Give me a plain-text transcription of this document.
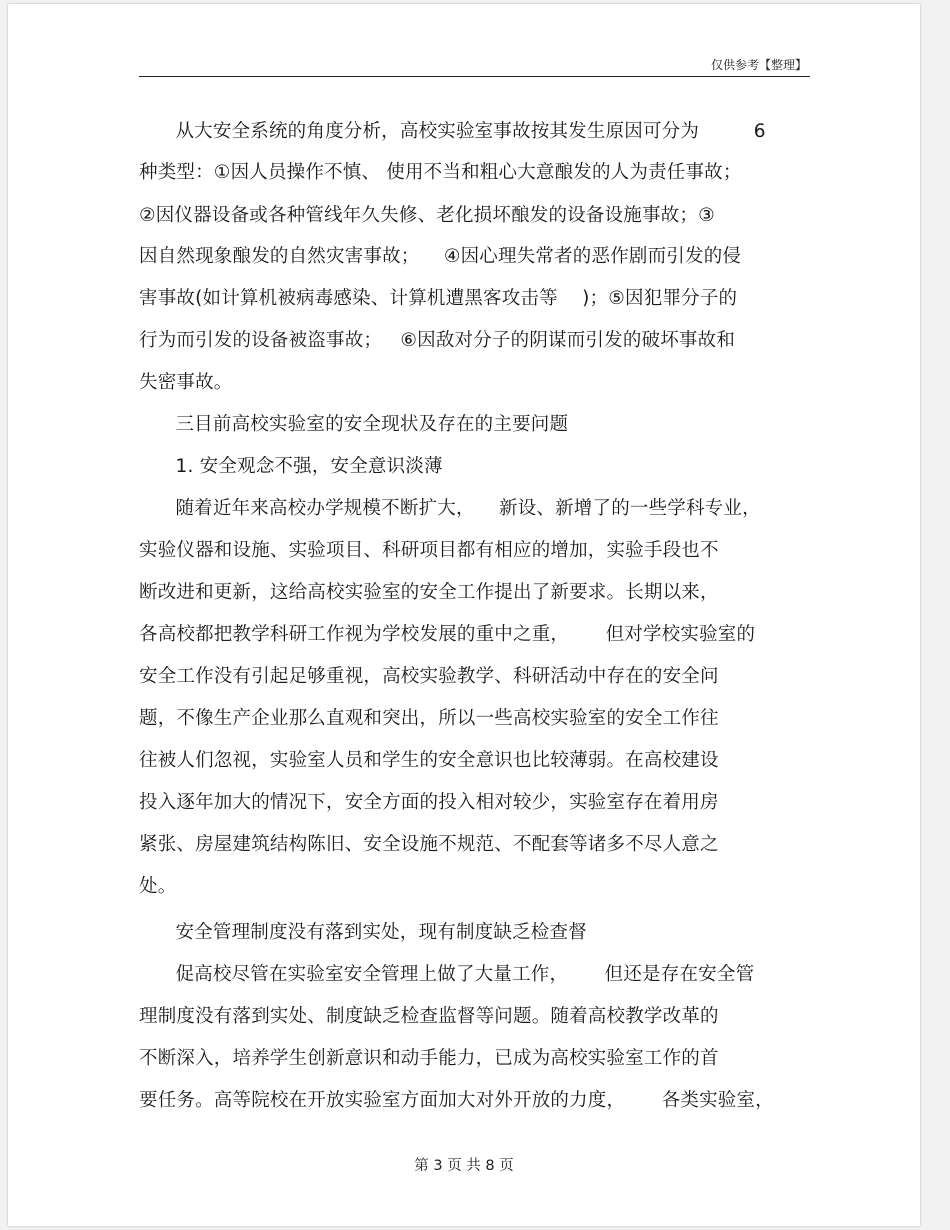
仅供参考【整理】
从大安全系统的角度分析，高校实验室事故按其发生原因可分为         6
种类型：①因人员操作不慎、 使用不当和粗心大意酿发的人为责任事故；
②因仪器设备或各种管线年久失修、老化损坏酿发的设备设施事故；③
因自然现象酿发的自然灾害事故；    ④因心理失常者的恶作剧而引发的侵
害事故(如计算机被病毒感染、计算机遭黑客攻击等    )；⑤因犯罪分子的
行为而引发的设备被盗事故；   ⑥因敌对分子的阴谋而引发的破坏事故和
失密事故。
三目前高校实验室的安全现状及存在的主要问题
1. 安全观念不强，安全意识淡薄
随着近年来高校办学规模不断扩大，    新设、新增了的一些学科专业，
实验仪器和设施、实验项目、科研项目都有相应的增加，实验手段也不
断改进和更新，这给高校实验室的安全工作提出了新要求。长期以来，
各高校都把教学科研工作视为学校发展的重中之重，      但对学校实验室的
安全工作没有引起足够重视，高校实验教学、科研活动中存在的安全问
题，不像生产企业那么直观和突出，所以一些高校实验室的安全工作往
往被人们忽视，实验室人员和学生的安全意识也比较薄弱。在高校建设
投入逐年加大的情况下，安全方面的投入相对较少，实验室存在着用房
紧张、房屋建筑结构陈旧、安全设施不规范、不配套等诸多不尽人意之
处。
安全管理制度没有落到实处，现有制度缺乏检查督
促高校尽管在实验室安全管理上做了大量工作，      但还是存在安全管
理制度没有落到实处、制度缺乏检查监督等问题。随着高校教学改革的
不断深入，培养学生创新意识和动手能力，已成为高校实验室工作的首
要任务。高等院校在开放实验室方面加大对外开放的力度，      各类实验室，
第 3 页 共 8 页
